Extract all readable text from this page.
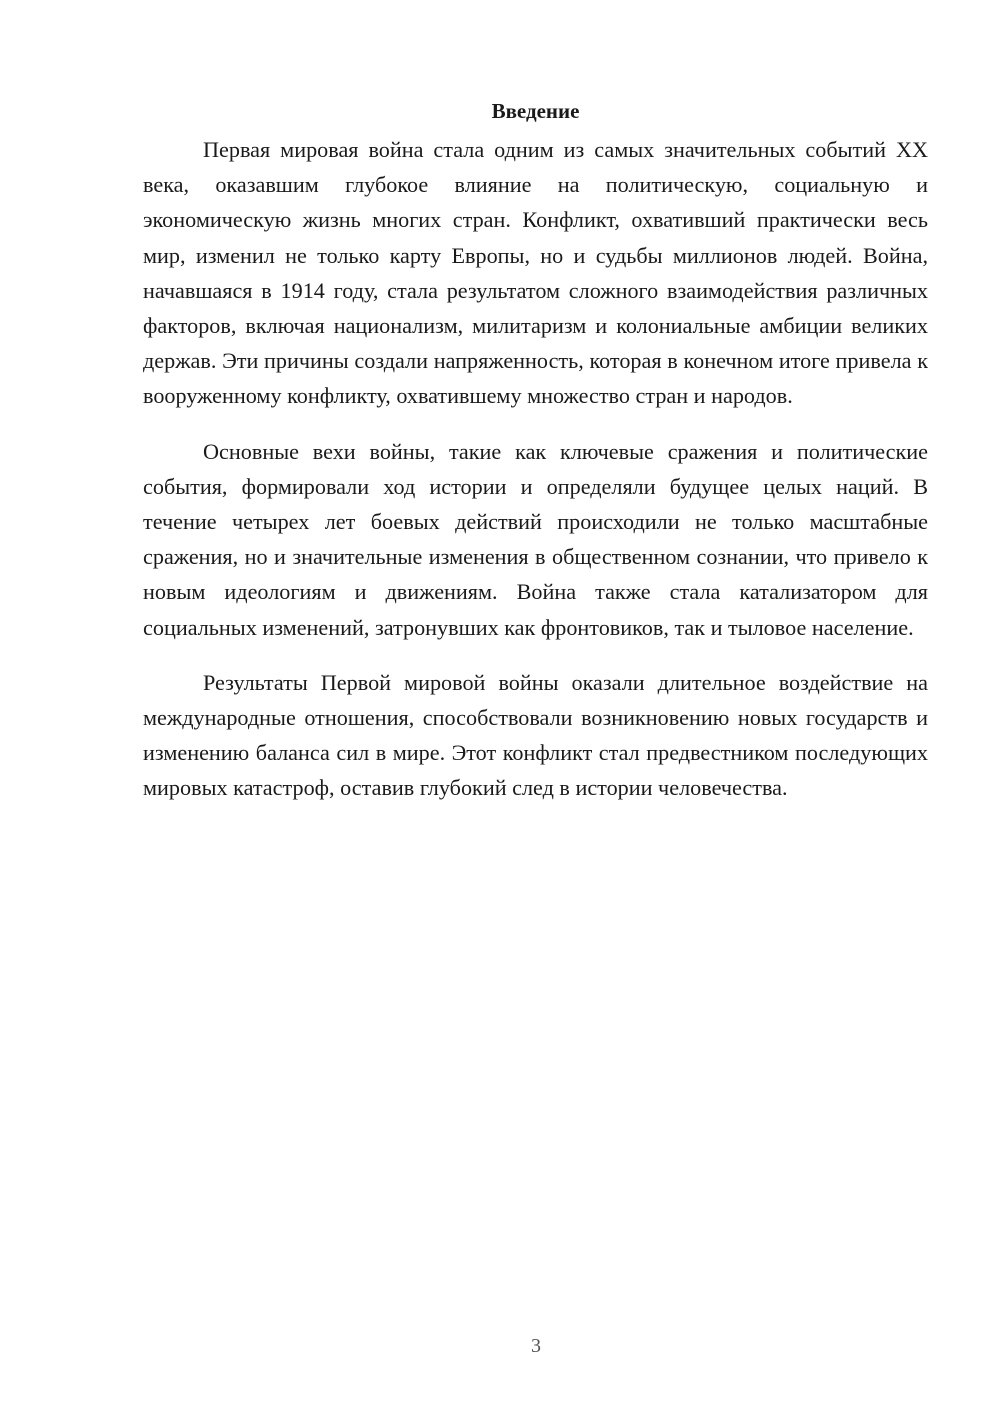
Введение

Первая мировая война стала одним из самых значительных событий XX века, оказавшим глубокое влияние на политическую, социальную и экономическую жизнь многих стран. Конфликт, охвативший практически весь мир, изменил не только карту Европы, но и судьбы миллионов людей. Война, начавшаяся в 1914 году, стала результатом сложного взаимодействия различных факторов, включая национализм, милитаризм и колониальные амбиции великих держав. Эти причины создали напряженность, которая в конечном итоге привела к вооруженному конфликту, охватившему множество стран и народов.

Основные вехи войны, такие как ключевые сражения и политические события, формировали ход истории и определяли будущее целых наций. В течение четырех лет боевых действий происходили не только масштабные сражения, но и значительные изменения в общественном сознании, что привело к новым идеологиям и движениям. Война также стала катализатором для социальных изменений, затронувших как фронтовиков, так и тыловое население.

Результаты Первой мировой войны оказали длительное воздействие на международные отношения, способствовали возникновению новых государств и изменению баланса сил в мире. Этот конфликт стал предвестником последующих мировых катастроф, оставив глубокий след в истории человечества.

3
